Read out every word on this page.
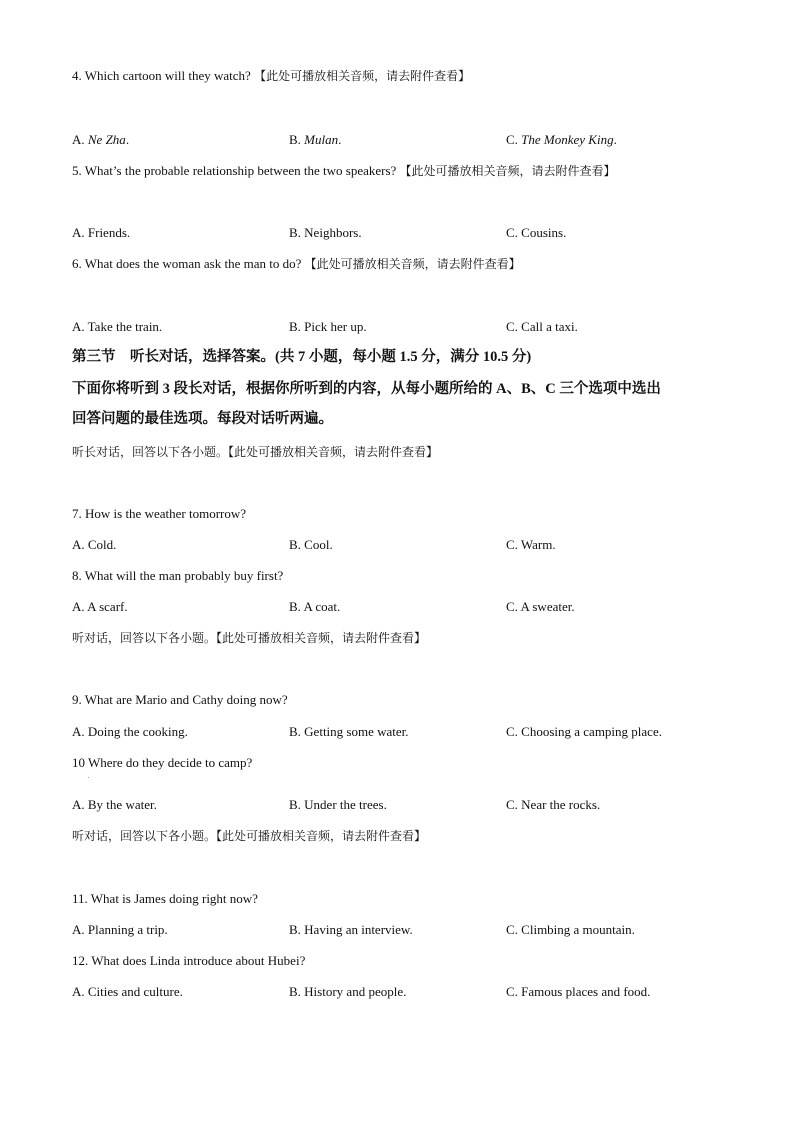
4. Which cartoon will they watch? 【此处可播放相关音频，请去附件查看】
A. Ne Zha.	B. Mulan.	C. The Monkey King.
5. What’s the probable relationship between the two speakers? 【此处可播放相关音频，请去附件查看】
A. Friends.	B. Neighbors.	C. Cousins.
6. What does the woman ask the man to do? 【此处可播放相关音频，请去附件查看】
A. Take the train.	B. Pick her up.	C. Call a taxi.
第三节　听长对话，选择答案。(共 7 小题，每小题 1.5 分，满分 10.5 分)
下面你将听到 3 段长对话，根据你所听到的内容，从每小题所给的 A、B、C 三个选项中选出
回答问题的最佳选项。每段对话听两遍。
听长对话，回答以下各小题。【此处可播放相关音频，请去附件查看】
7. How is the weather tomorrow?
A. Cold.	B. Cool.	C. Warm.
8. What will the man probably buy first?
A. A scarf.	B. A coat.	C. A sweater.
听对话，回答以下各小题。【此处可播放相关音频，请去附件查看】
9. What are Mario and Cathy doing now?
A. Doing the cooking.	B. Getting some water.	C. Choosing a camping place.
10 Where do they decide to camp?
.
A. By the water.	B. Under the trees.	C. Near the rocks.
听对话，回答以下各小题。【此处可播放相关音频，请去附件查看】
11. What is James doing right now?
A. Planning a trip.	B. Having an interview.	C. Climbing a mountain.
12. What does Linda introduce about Hubei?
A. Cities and culture.	B. History and people.	C. Famous places and food.
